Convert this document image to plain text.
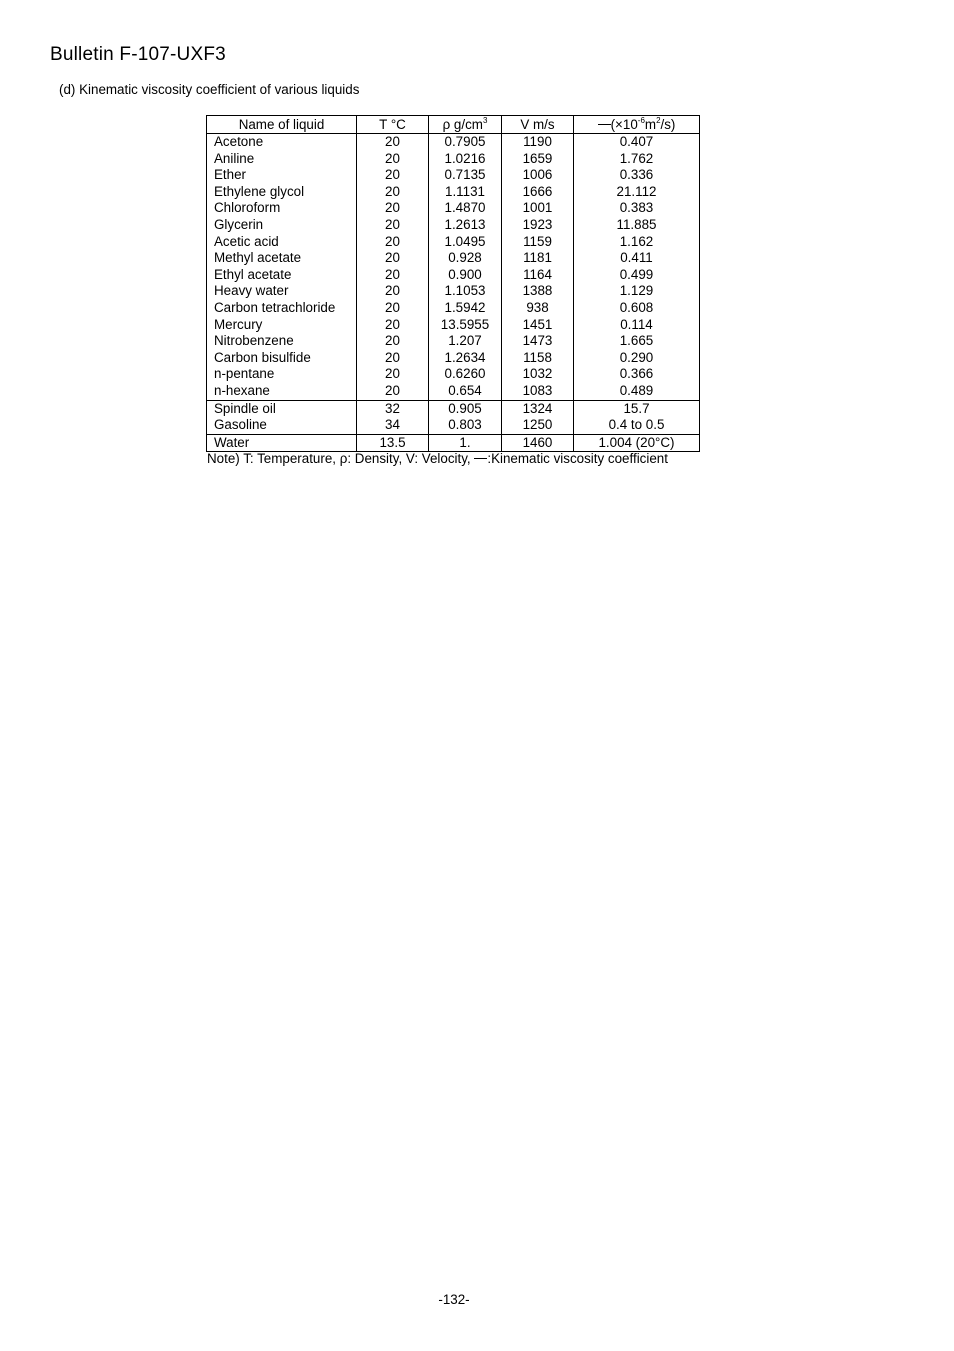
Bulletin F-107-UXF3
(d) Kinematic viscosity coefficient of various liquids
Name of liquid	T °C	ρ $g/cm^3$	V m/s	$(\times 10^{-6}m^2/s)$
Acetone	20	0.7905	1190	0.407
Aniline	20	1.0216	1659	1.762
Ether	20	0.7135	1006	0.336
Ethylene glycol	20	1.1131	1666	21.112
Chloroform	20	1.4870	1001	0.383
Glycerin	20	1.2613	1923	11.885
Acetic acid	20	1.0495	1159	1.162
Methyl acetate	20	0.928	1181	0.411
Ethyl acetate	20	0.900	1164	0.499
Heavy water	20	1.1053	1388	1.129
Carbon tetrachloride	20	1.5942	938	0.608
Mercury	20	13.5955	1451	0.114
Nitrobenzene	20	1.207	1473	1.665
Carbon bisulfide	20	1.2634	1158	0.290
n-pentane	20	0.6260	1032	0.366
n-hexane	20	0.654	1083	0.489
Spindle oil	32	0.905	1324	15.7
Gasoline	34	0.803	1250	0.4 to 0.5
Water	13.5	1.	1460	1.004 (20°C)
Note) T: Temperature, ρ: Density, V: Velocity, :Kinematic viscosity coefficient
-132-
